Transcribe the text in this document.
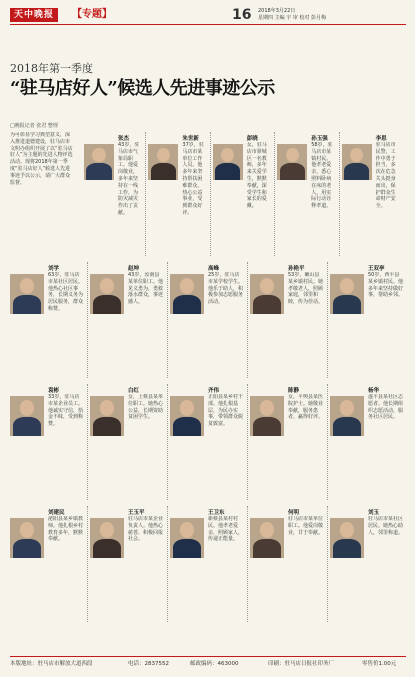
天中晚报	【专题】	16 2018年3月22日
星期四 主编 宇 审 校对 彭月梅
2018年第一季度
“驻马店好人”候选人先进事迹公示
□晚报记者 张君 整理
为可彰显学习典型意义，深入推进道德建设，驻马店市文明办组织开展了以“驻马店好人”为主题的先进人物评选活动。现将2018年第一季度“驻马店好人”候选人先进事迹予以公示，请广大群众监督。
张杰
43岁，驻马店市气象局职工。他爱岗敬业，多年来坚持在一线工作，为防灾减灾作出了贡献。
朱世新
37岁，驻马店市某单位工作人员。他多年来坚持帮扶困难群众，热心公益事业，受到群众好评。
彭晓
女，驻马店市驿城区一名教师，多年来关爱学生，默默奉献，深受学生和家长的爱戴。
孙玉强
58岁，驻马店市某镇村民。他孝老爱亲，悉心照料卧病在床的老人，用实际行动诠释孝道。
李思
驻马店市民警，工作中勇于担当，多次在危急关头挺身而出，保护群众生命财产安全。
刘学
63岁，驻马店市某社区居民。他热心社区事务，长期义务为居民服务，群众称赞。
赵坤
43岁，汝南县某单位职工。他见义勇为，勇救落水群众，事迹感人。
高峰
25岁，驻马店市某学校学生。他乐于助人，积极参加志愿服务活动。
孙艳平
53岁，确山县某乡镇村民。她孝敬老人，照顾家庭，邻里和睦，传为佳话。
王双亭
50岁，西平县某乡镇村民。他多年来坚持做好事，帮助乡邻。
袁彬
33岁，驻马店市某企业员工。他诚实守信，拾金不昧，受到称赞。
白红
女，上蔡县某单位职工。她热心公益，长期资助贫困学生。
齐伟
正阳县某乡村干部。他扎根基层，为民办实事，带领群众脱贫致富。
陈静
女，平舆县某医院护士。她敬业奉献，服务患者，赢得好评。
杨华
遂平县某社区志愿者。他长期组织志愿活动，服务社区居民。
刘建民
泌阳县某乡镇教师。他扎根乡村教育多年，默默奉献。
王玉平
驻马店市某企业负责人。他热心慈善，积极回报社会。
王卫东
新蔡县某村村民。他孝老爱亲，照顾家人，传递正能量。
何明
驻马店市某单位职工。他爱岗敬业，甘于奉献。
刘玉
驻马店市某社区居民。她热心助人，邻里称道。
本版地址：驻马店市解放大道西段	电话：2837552	邮政编码：463000	印刷：驻马店日报社印务厂	零售价1.00元
